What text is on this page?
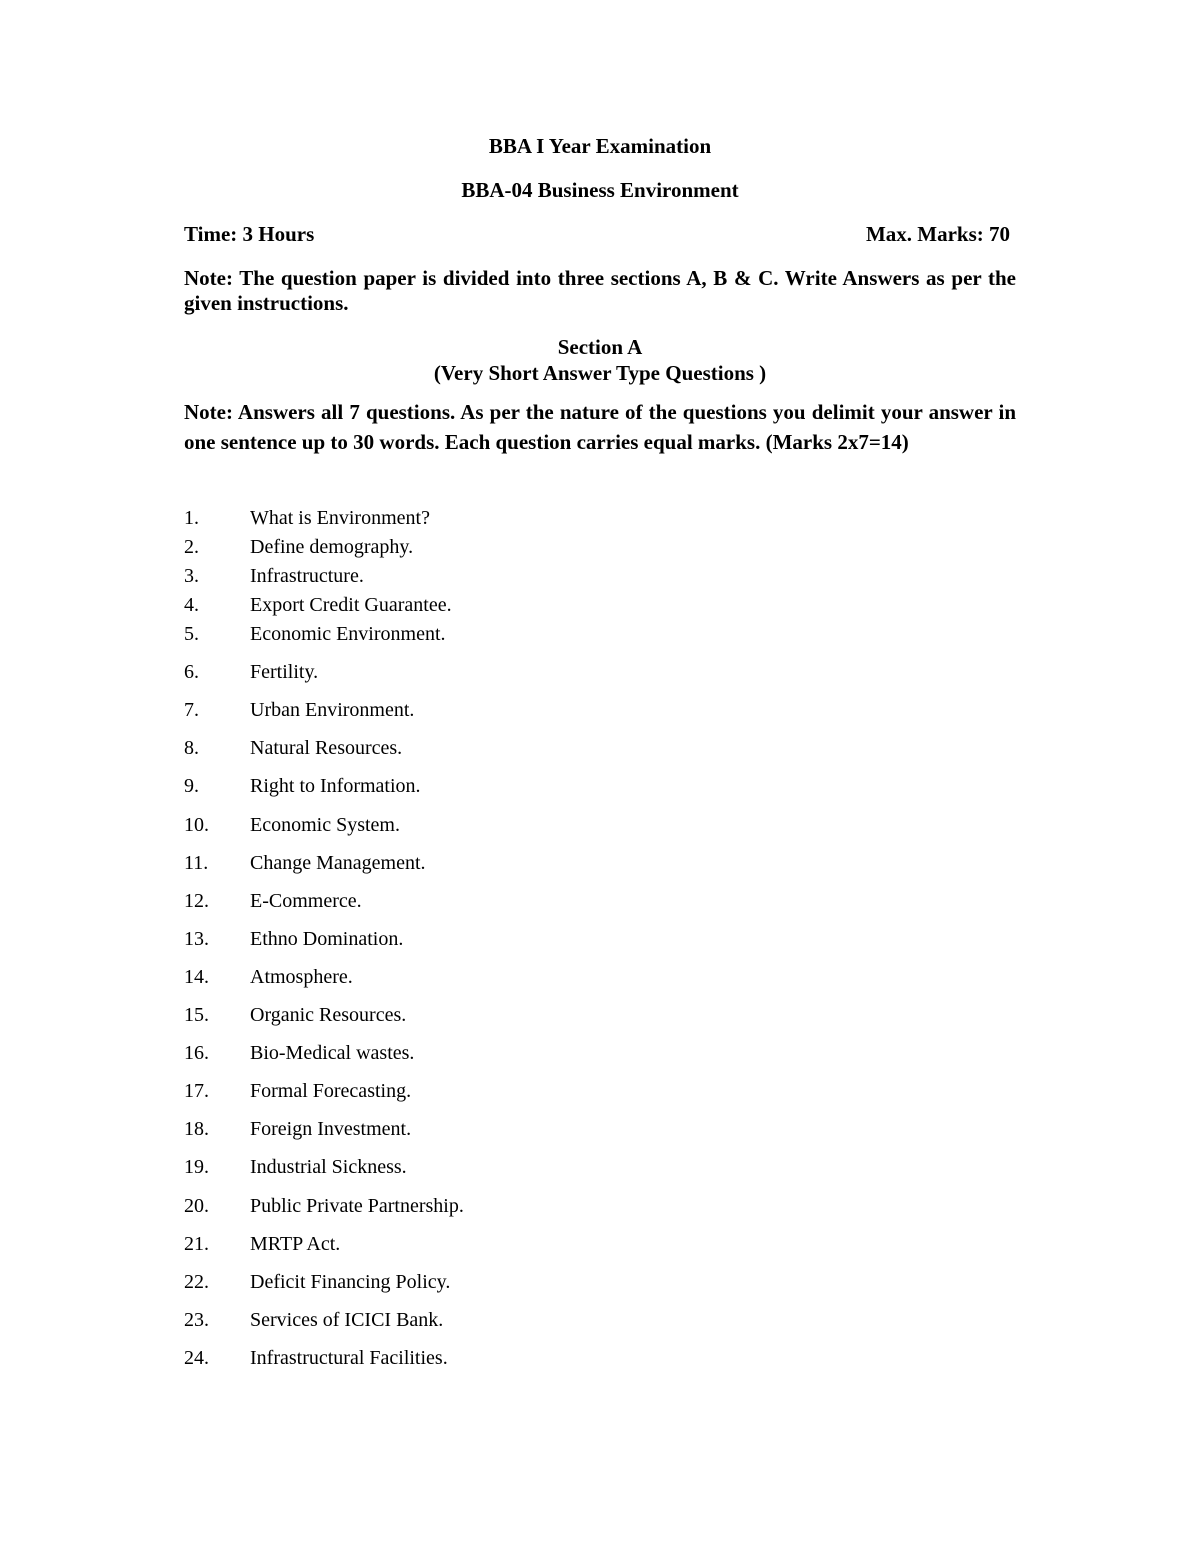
BBA I Year Examination
BBA-04 Business Environment
Time: 3 Hours	Max. Marks: 70
Note: The question paper is divided into three sections A, B & C. Write Answers as per the given instructions.
Section A
(Very Short Answer Type Questions )
Note: Answers all 7 questions. As per the nature of the questions you delimit your answer in one sentence up to 30 words. Each question carries equal marks. (Marks 2x7=14)
1.	What is Environment?
2.	Define demography.
3.	Infrastructure.
4.	Export Credit Guarantee.
5.	Economic Environment.
6.	Fertility.
7.	Urban Environment.
8.	Natural Resources.
9.	Right to Information.
10.	Economic System.
11.	Change Management.
12.	E-Commerce.
13.	Ethno Domination.
14.	Atmosphere.
15.	Organic Resources.
16.	Bio-Medical wastes.
17.	Formal Forecasting.
18.	Foreign Investment.
19.	Industrial Sickness.
20.	Public Private Partnership.
21.	MRTP Act.
22.	Deficit Financing Policy.
23.	Services of ICICI Bank.
24.	Infrastructural Facilities.
